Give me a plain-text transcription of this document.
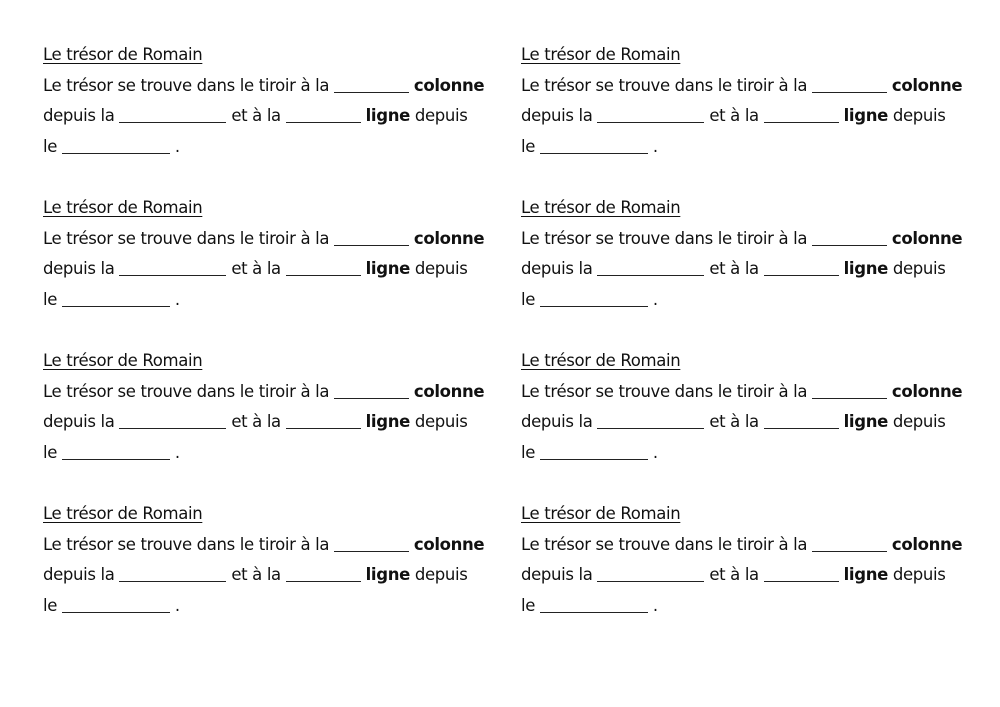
Le trésor de Romain
Le trésor se trouve dans le tiroir à la	colonne
depuis la	et à la	ligne depuis
le	.
Le trésor de Romain
Le trésor se trouve dans le tiroir à la	colonne
depuis la	et à la	ligne depuis
le	.
Le trésor de Romain
Le trésor se trouve dans le tiroir à la	colonne
depuis la	et à la	ligne depuis
le	.
Le trésor de Romain
Le trésor se trouve dans le tiroir à la	colonne
depuis la	et à la	ligne depuis
le	.
Le trésor de Romain
Le trésor se trouve dans le tiroir à la	colonne
depuis la	et à la	ligne depuis
le	.
Le trésor de Romain
Le trésor se trouve dans le tiroir à la	colonne
depuis la	et à la	ligne depuis
le	.
Le trésor de Romain
Le trésor se trouve dans le tiroir à la	colonne
depuis la	et à la	ligne depuis
le	.
Le trésor de Romain
Le trésor se trouve dans le tiroir à la	colonne
depuis la	et à la	ligne depuis
le	.
